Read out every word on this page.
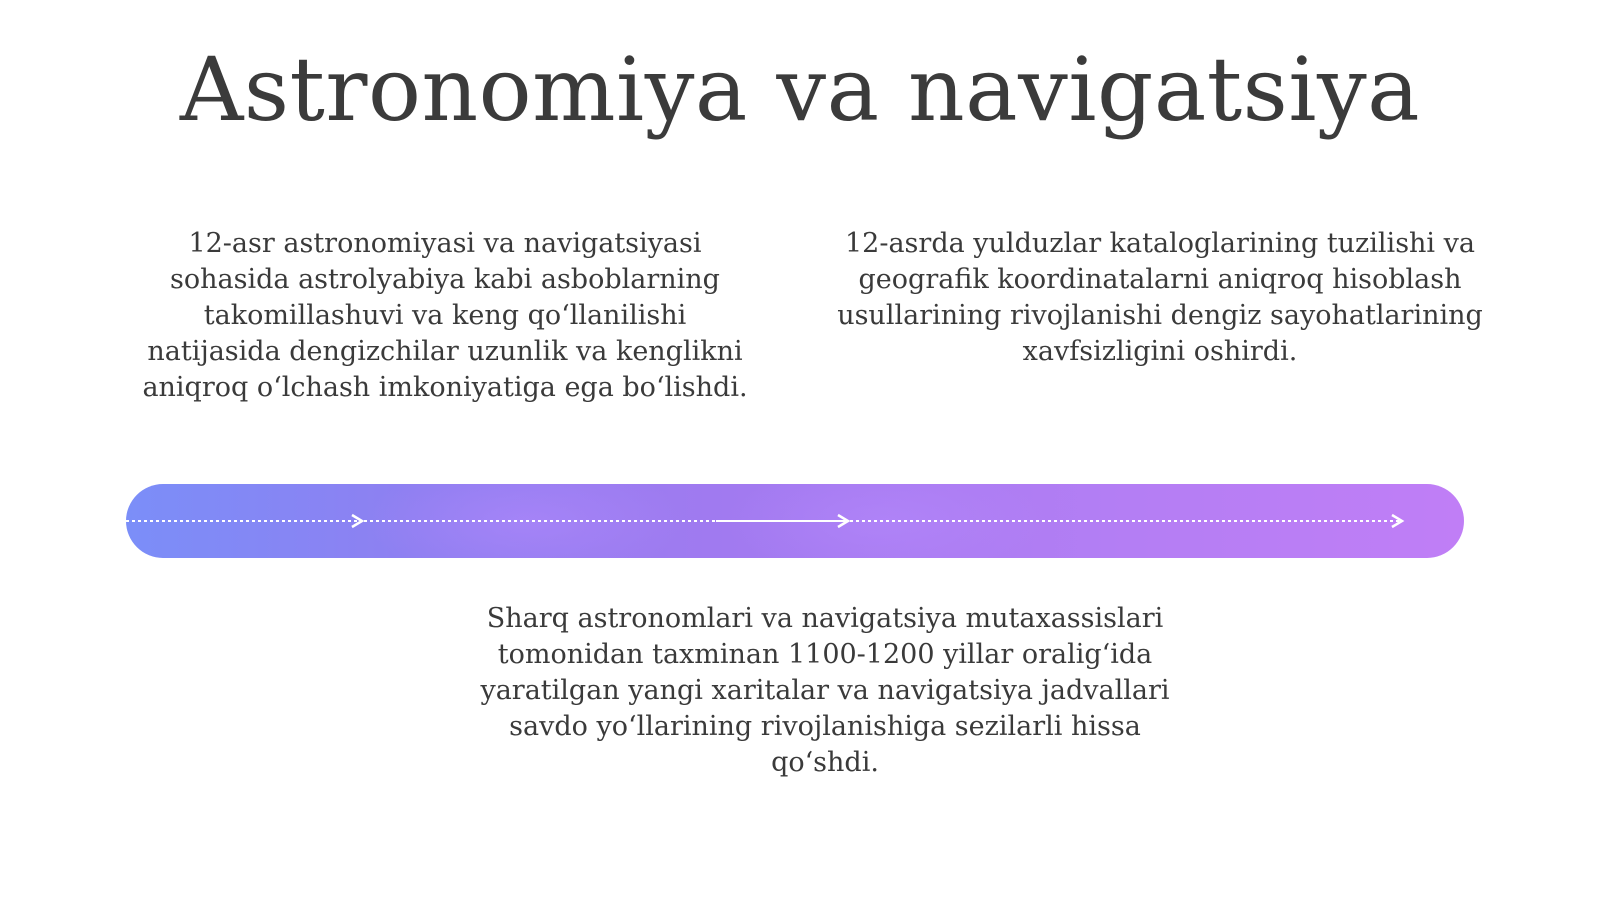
Astronomiya va navigatsiya

12-asr astronomiyasi va navigatsiyasi sohasida astrolyabiya kabi asboblarning takomillashuvi va keng qo‘llanilishi natijasida dengizchilar uzunlik va kenglikni aniqroq o‘lchash imkoniyatiga ega bo‘lishdi.

12-asrda yulduzlar kataloglarining tuzilishi va geografik koordinatalarni aniqroq hisoblash usullarining rivojlanishi dengiz sayohatlarining xavfsizligini oshirdi.

Sharq astronomlari va navigatsiya mutaxassislari tomonidan taxminan 1100-1200 yillar oralig‘ida yaratilgan yangi xaritalar va navigatsiya jadvallari savdo yo‘llarining rivojlanishiga sezilarli hissa qo‘shdi.
